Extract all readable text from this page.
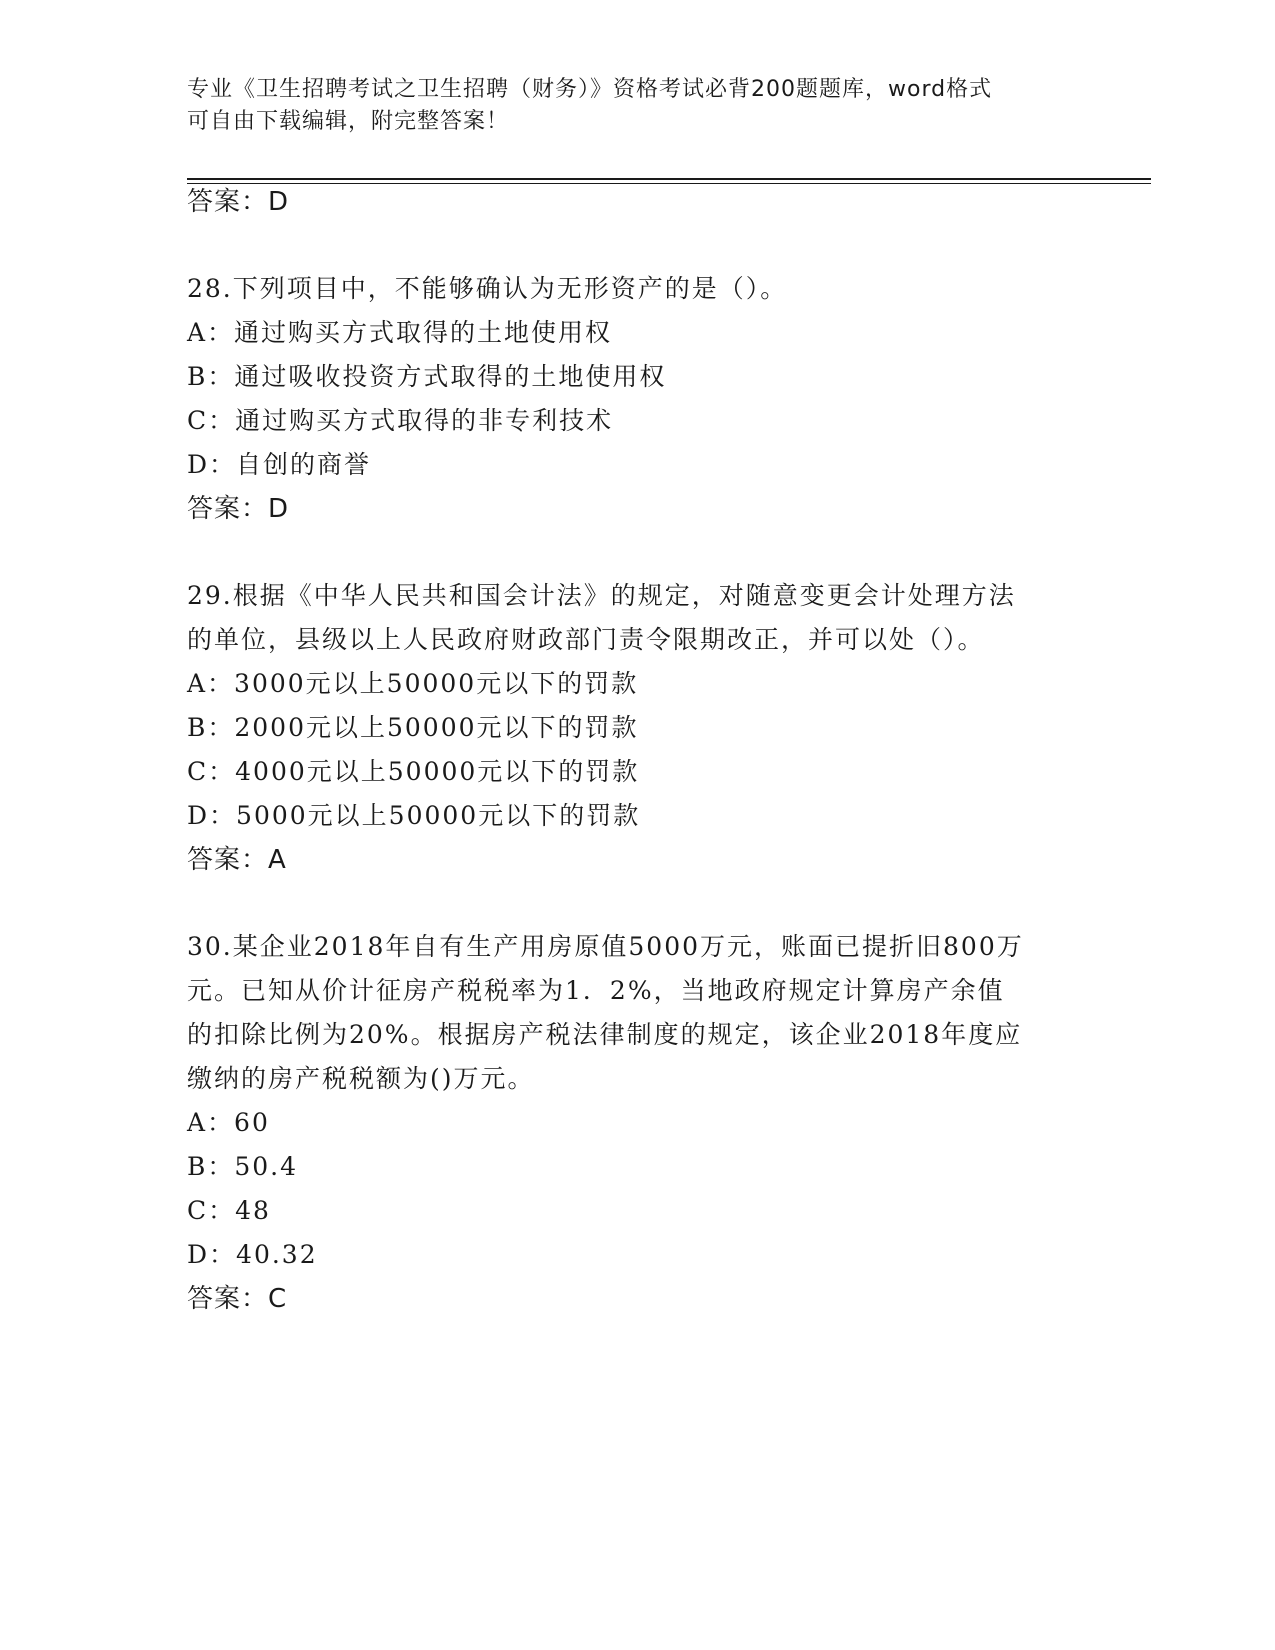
专业《卫生招聘考试之卫生招聘（财务）》资格考试必背200题题库，word格式
可自由下载编辑，附完整答案！
答案：D
28.下列项目中，不能够确认为无形资产的是（）。
A：通过购买方式取得的土地使用权
B：通过吸收投资方式取得的土地使用权
C：通过购买方式取得的非专利技术
D：自创的商誉
答案：D
29.根据《中华人民共和国会计法》的规定，对随意变更会计处理方法
的单位，县级以上人民政府财政部门责令限期改正，并可以处（）。
A：3000元以上50000元以下的罚款
B：2000元以上50000元以下的罚款
C：4000元以上50000元以下的罚款
D：5000元以上50000元以下的罚款
答案：A
30.某企业2018年自有生产用房原值5000万元，账面已提折旧800万
元。已知从价计征房产税税率为1．2%，当地政府规定计算房产余值
的扣除比例为20%。根据房产税法律制度的规定，该企业2018年度应
缴纳的房产税税额为()万元。
A：60
B：50.4
C：48
D：40.32
答案：C
